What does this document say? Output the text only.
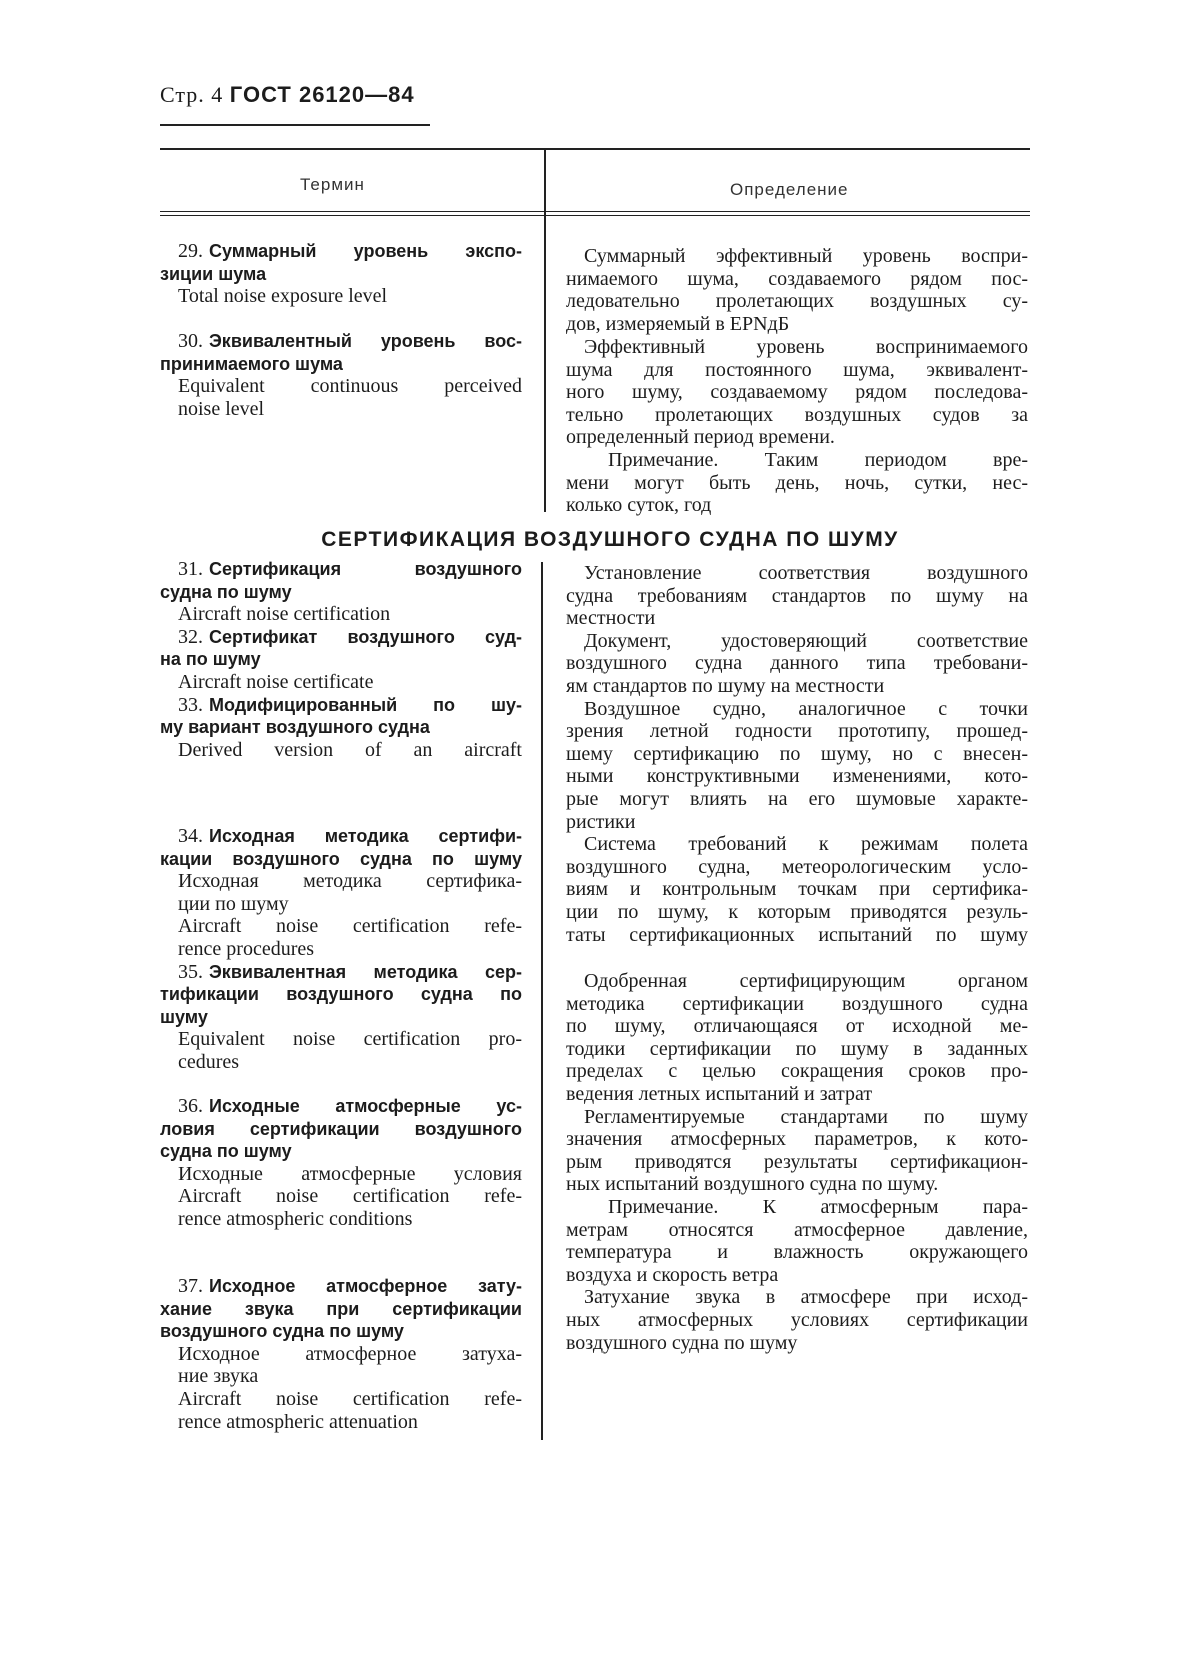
Стр. 4 ГОСТ 26120—84
Термин	Определение
СЕРТИФИКАЦИЯ ВОЗДУШНОГО СУДНА ПО ШУМУ
29. Суммарный уровень экспо-
зиции шума
Total noise exposure level
30. Эквивалентный уровень вос-
принимаемого шума
Equivalent continuous perceived
noise level
31. Сертификация воздушного
судна по шуму
Aircraft noise certification
32. Сертификат воздушного суд-
на по шуму
Aircraft noise certificate
33. Модифицированный по шу-
му вариант воздушного судна
Derived version of an aircraft
34. Исходная методика сертифи-
кации воздушного судна по шуму
Исходная методика сертифика-
ции по шуму
Aircraft noise certification refe-
rence procedures
35. Эквивалентная методика сер-
тификации воздушного судна по
шуму
Equivalent noise certification pro-
cedures
36. Исходные атмосферные ус-
ловия сертификации воздушного
судна по шуму
Исходные атмосферные условия
Aircraft noise certification refe-
rence atmospheric conditions
37. Исходное атмосферное зату-
хание звука при сертификации
воздушного судна по шуму
Исходное атмосферное затуха-
ние звука
Aircraft noise certification refe-
rence atmospheric attenuation
Суммарный эффективный уровень воспри-
нимаемого шума, создаваемого рядом пос-
ледовательно пролетающих воздушных су-
дов, измеряемый в EPNдБ
Эффективный уровень воспринимаемого
шума для постоянного шума, эквивалент-
ного шуму, создаваемому рядом последова-
тельно пролетающих воздушных судов за
определенный период времени.
Примечание. Таким периодом вре-
мени могут быть день, ночь, сутки, нес-
колько суток, год
Установление соответствия воздушного
судна требованиям стандартов по шуму на
местности
Документ, удостоверяющий соответствие
воздушного судна данного типа требовани-
ям стандартов по шуму на местности
Воздушное судно, аналогичное с точки
зрения летной годности прототипу, прошед-
шему сертификацию по шуму, но с внесен-
ными конструктивными изменениями, кото-
рые могут влиять на его шумовые характе-
ристики
Система требований к режимам полета
воздушного судна, метеорологическим усло-
виям и контрольным точкам при сертифика-
ции по шуму, к которым приводятся резуль-
таты сертификационных испытаний по шуму
Одобренная сертифицирующим органом
методика сертификации воздушного судна
по шуму, отличающаяся от исходной ме-
тодики сертификации по шуму в заданных
пределах с целью сокращения сроков про-
ведения летных испытаний и затрат
Регламентируемые стандартами по шуму
значения атмосферных параметров, к кото-
рым приводятся результаты сертификацион-
ных испытаний воздушного судна по шуму.
Примечание. К атмосферным пара-
метрам относятся атмосферное давление,
температура и влажность окружающего
воздуха и скорость ветра
Затухание звука в атмосфере при исход-
ных атмосферных условиях сертификации
воздушного судна по шуму
